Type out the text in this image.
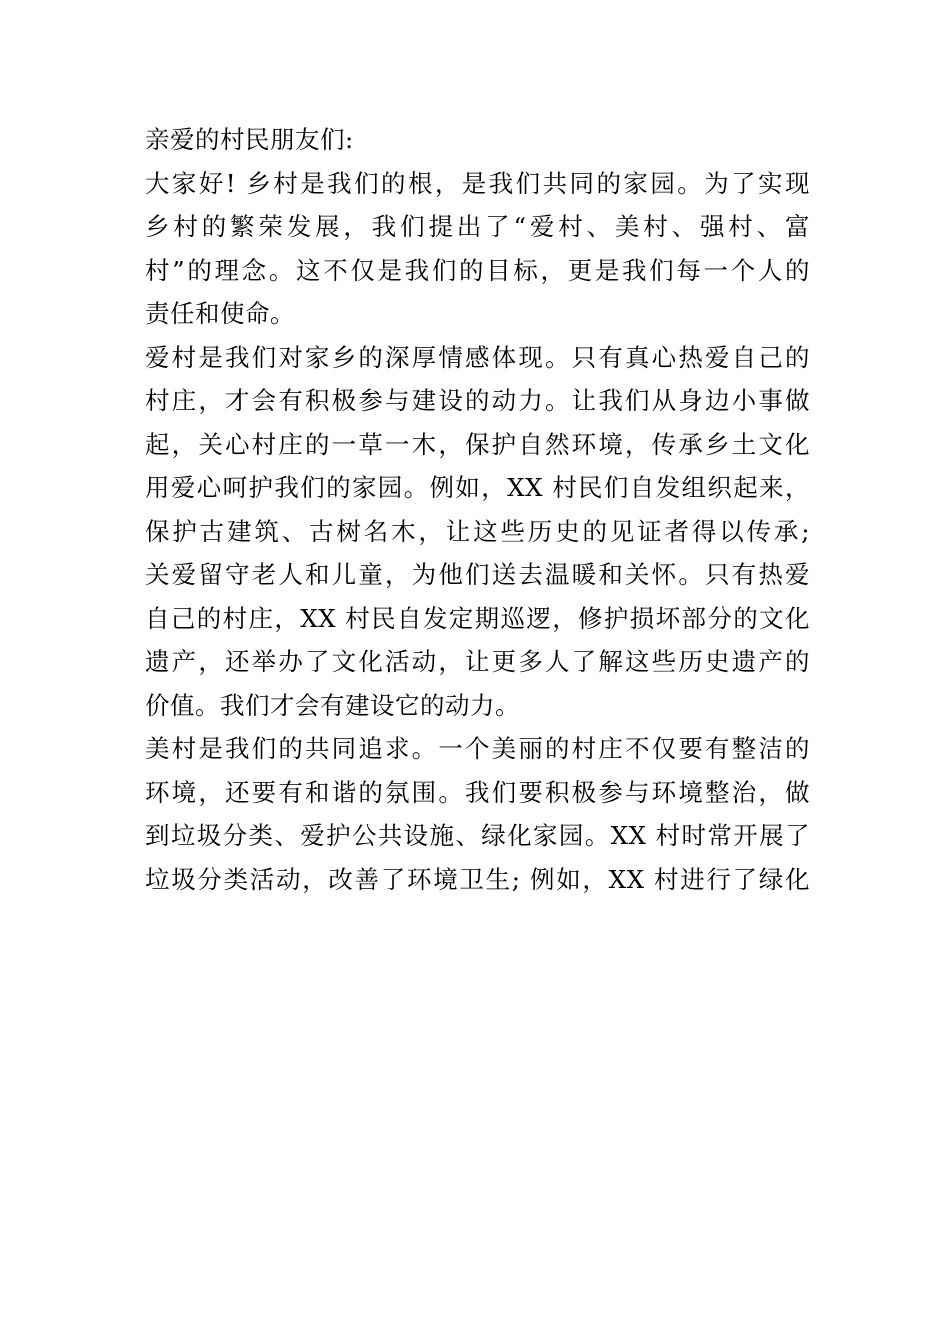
亲爱的村民朋友们:
大家好! 乡村是我们的根，是我们共同的家园。为了实现
乡村的繁荣发展，我们提出了“爱村、美村、强村、富
村”的理念。这不仅是我们的目标，更是我们每一个人的
责任和使命。
爱村是我们对家乡的深厚情感体现。只有真心热爱自己的
村庄，才会有积极参与建设的动力。让我们从身边小事做
起，关心村庄的一草一木，保护自然环境，传承乡土文化
用爱心呵护我们的家园。例如，XX 村民们自发组织起来，
保护古建筑、古树名木，让这些历史的见证者得以传承;
关爱留守老人和儿童，为他们送去温暖和关怀。只有热爱
自己的村庄，XX 村民自发定期巡逻，修护损坏部分的文化
遗产，还举办了文化活动，让更多人了解这些历史遗产的
价值。我们才会有建设它的动力。
美村是我们的共同追求。一个美丽的村庄不仅要有整洁的
环境，还要有和谐的氛围。我们要积极参与环境整治，做
到垃圾分类、爱护公共设施、绿化家园。XX 村时常开展了
垃圾分类活动，改善了环境卫生; 例如，XX 村进行了绿化
